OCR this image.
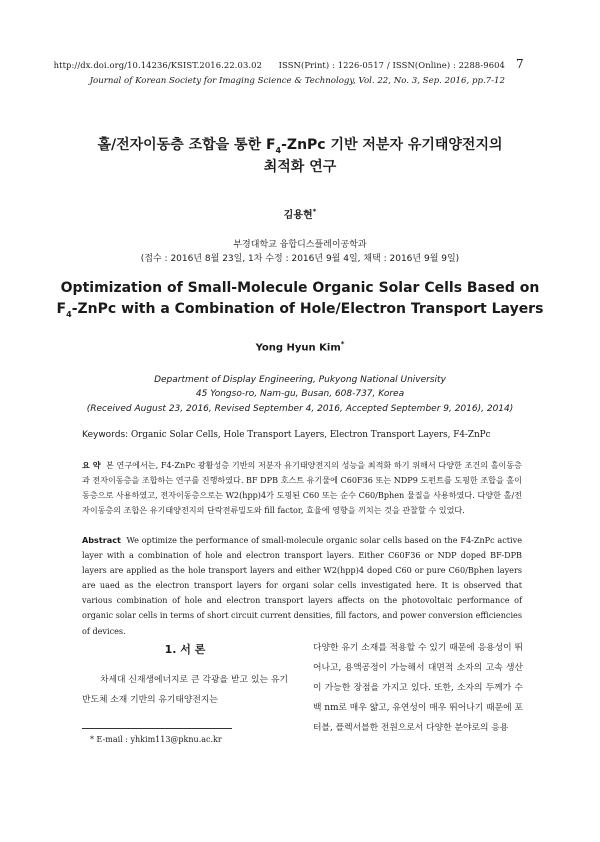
http://dx.doi.org/10.14236/KSIST.2016.22.03.02 ISSN(Print) : 1226-0517 / ISSN(Online) : 2288-9604
Journal of Korean Society for Imaging Science & Technology, Vol. 22, No. 3, Sep. 2016, pp.7-12
7
홀/전자이동층 조합을 통한 $F_4$-ZnPc 기반 저분자 유기태양전지의
최적화 연구
김용현*
부경대학교 융합디스플레이공학과
(접수 : 2016년 8월 23일, 1차 수정 : 2016년 9월 4일, 채택 : 2016년 9월 9일)
Optimization of Small-Molecule Organic Solar Cells Based on
$F_4$-ZnPc with a Combination of Hole/Electron Transport Layers
Yong Hyun Kim*
Department of Display Engineering, Pukyong National University
45 Yongso-ro, Nam-gu, Busan, 608-737, Korea
(Received August 23, 2016, Revised September 4, 2016, Accepted September 9, 2016), 2014)
Keywords: Organic Solar Cells, Hole Transport Layers, Electron Transport Layers, F4-ZnPc
요 약 본 연구에서는, F4-ZnPc 광활성층 기반의 저분자 유기태양전지의 성능을 최적화 하기 위해서 다양한 조건의 홀이동층과 전자이동층을 조합하는 연구를 진행하였다. BF DPB 호스트 유기물에 C60F36 또는 NDP9 도펀트를 도핑한 조합을 홀이동층으로 사용하였고, 전자이동층으로는 W2(hpp)4가 도핑된 C60 또는 순수 C60/Bphen 물질을 사용하였다. 다양한 홀/전자이동층의 조합은 유기태양전지의 단락전류밀도와 fill factor, 효율에 영향을 끼치는 것을 관찰할 수 있었다.
Abstract We optimize the performance of small-molecule organic solar cells based on the F4-ZnPc active layer with a combination of hole and electron transport layers. Either C60F36 or NDP doped BF-DPB layers are applied as the hole transport layers and either W2(hpp)4 doped C60 or pure C60/Bphen layers are uaed as the electron transport layers for organi solar cells investigated here. It is observed that various combination of hole and electron transport layers affects on the photovoltaic performance of organic solar cells in terms of short circuit current densities, fill factors, and power conversion efficiencies of devices.
1. 서 론
차세대 신재생에너지로 큰 각광을 받고 있는 유기반도체 소재 기반의 유기태양전지는
다양한 유기 소재를 적용할 수 있기 때문에 응용성이 뛰어나고, 용액공정이 가능해서 대면적 소자의 고속 생산이 가능한 장점을 가지고 있다. 또한, 소자의 두께가 수 백 nm로 매우 얇고, 유연성이 매우 뛰어나기 때문에 포터블, 플렉서블한 전원으로서 다양한 분야로의 응용
* E-mail : yhkim113@pknu.ac.kr
